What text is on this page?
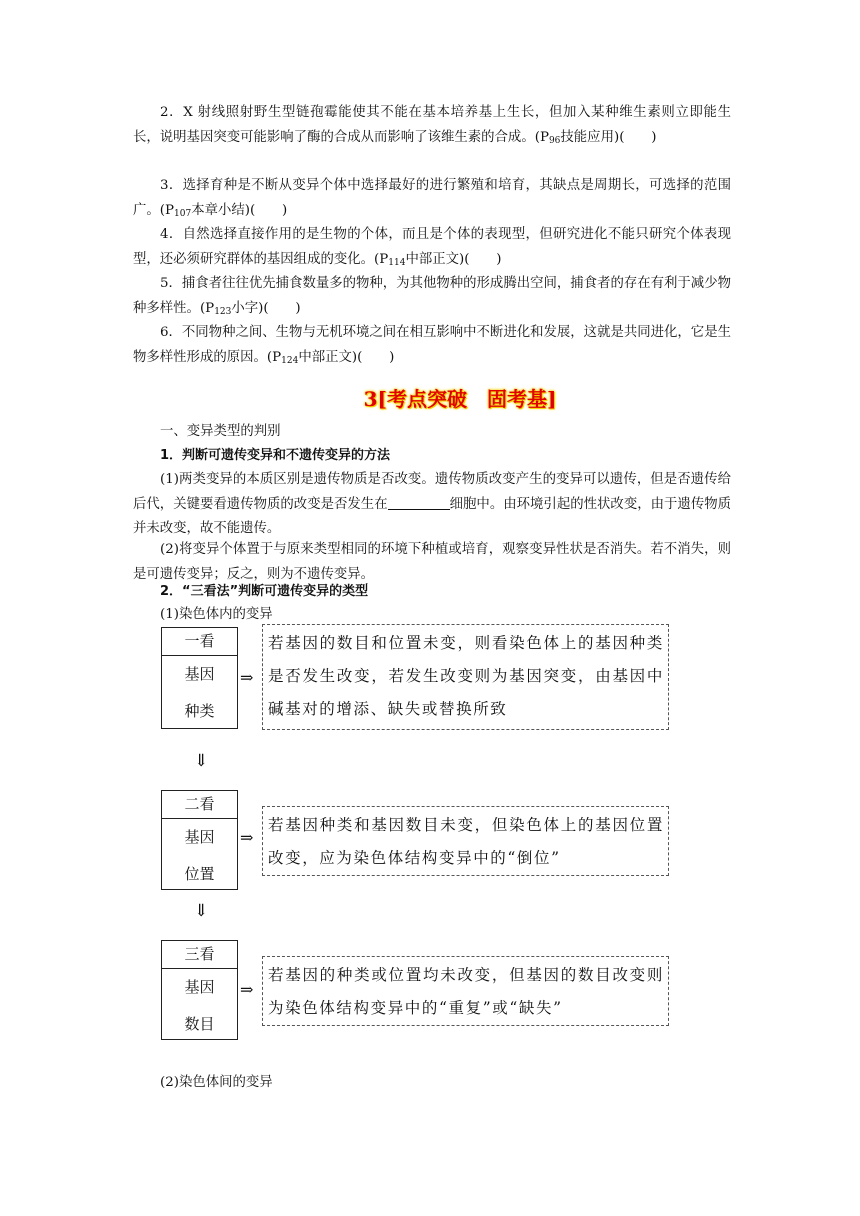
2．X 射线照射野生型链孢霉能使其不能在基本培养基上生长，但加入某种维生素则立即能生长，说明基因突变可能影响了酶的合成从而影响了该维生素的合成。($P_{96}$技能应用)(　　)

3．选择育种是不断从变异个体中选择最好的进行繁殖和培育，其缺点是周期长，可选择的范围广。($P_{107}$本章小结)(　　)

4．自然选择直接作用的是生物的个体，而且是个体的表现型，但研究进化不能只研究个体表现型，还必须研究群体的基因组成的变化。($P_{114}$中部正文)(　　)

5．捕食者往往优先捕食数量多的物种，为其他物种的形成腾出空间，捕食者的存在有利于减少物种多样性。($P_{123}$小字)(　　)

6．不同物种之间、生物与无机环境之间在相互影响中不断进化和发展，这就是共同进化，它是生物多样性形成的原因。($P_{124}$中部正文)(　　)

3[考点突破　固考基]

一、变异类型的判别

1．判断可遗传变异和不遗传变异的方法

(1)两类变异的本质区别是遗传物质是否改变。遗传物质改变产生的变异可以遗传，但是否遗传给后代，关键要看遗传物质的改变是否发生在	细胞中。由环境引起的性状改变，由于遗传物质并未改变，故不能遗传。

(2)将变异个体置于与原来类型相同的环境下种植或培育，观察变异性状是否消失。若不消失，则是可遗传变异；反之，则为不遗传变异。

2．“三看法”判断可遗传变异的类型

(1)染色体内的变异

一看
基因
种类
⇒
若基因的数目和位置未变，则看染色体上的基因种类是否发生改变，若发生改变则为基因突变，由基因中碱基对的增添、缺失或替换所致
⇓
二看
基因
位置
⇒
若基因种类和基因数目未变，但染色体上的基因位置改变，应为染色体结构变异中的“倒位”
⇓
三看
基因
数目
⇒
若基因的种类或位置均未改变，但基因的数目改变则为染色体结构变异中的“重复”或“缺失”

(2)染色体间的变异
